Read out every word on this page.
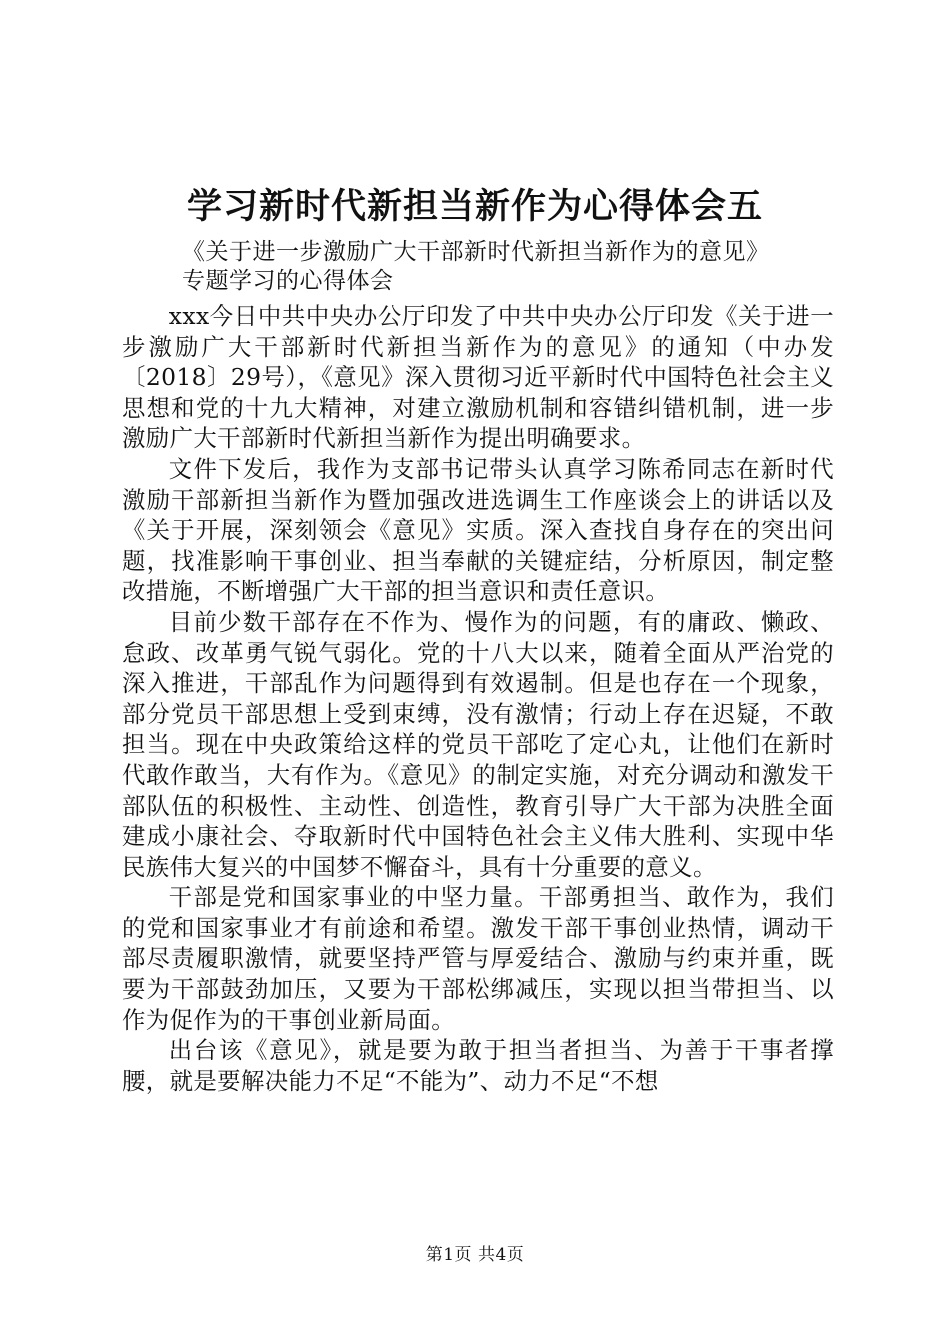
学习新时代新担当新作为心得体会五
《关于进一步激励广大干部新时代新担当新作为的意见》
专题学习的心得体会

xxx今日中共中央办公厅印发了中共中央办公厅印发《关于进一步激励广大干部新时代新担当新作为的意见》的通知（中办发〔2018〕29号），《意见》深入贯彻习近平新时代中国特色社会主义思想和党的十九大精神，对建立激励机制和容错纠错机制，进一步激励广大干部新时代新担当新作为提出明确要求。

文件下发后，我作为支部书记带头认真学习陈希同志在新时代激励干部新担当新作为暨加强改进选调生工作座谈会上的讲话以及《关于开展，深刻领会《意见》实质。深入查找自身存在的突出问题，找准影响干事创业、担当奉献的关键症结，分析原因，制定整改措施，不断增强广大干部的担当意识和责任意识。

目前少数干部存在不作为、慢作为的问题，有的庸政、懒政、怠政、改革勇气锐气弱化。党的十八大以来，随着全面从严治党的深入推进，干部乱作为问题得到有效遏制。但是也存在一个现象，部分党员干部思想上受到束缚，没有激情；行动上存在迟疑，不敢担当。现在中央政策给这样的党员干部吃了定心丸，让他们在新时代敢作敢当，大有作为。《意见》的制定实施，对充分调动和激发干部队伍的积极性、主动性、创造性，教育引导广大干部为决胜全面建成小康社会、夺取新时代中国特色社会主义伟大胜利、实现中华民族伟大复兴的中国梦不懈奋斗，具有十分重要的意义。

干部是党和国家事业的中坚力量。干部勇担当、敢作为，我们的党和国家事业才有前途和希望。激发干部干事创业热情，调动干部尽责履职激情，就要坚持严管与厚爱结合、激励与约束并重，既要为干部鼓劲加压，又要为干部松绑减压，实现以担当带担当、以作为促作为的干事创业新局面。

出台该《意见》，就是要为敢于担当者担当、为善于干事者撑腰，就是要解决能力不足“不能为”、动力不足“不想

第1页 共4页
